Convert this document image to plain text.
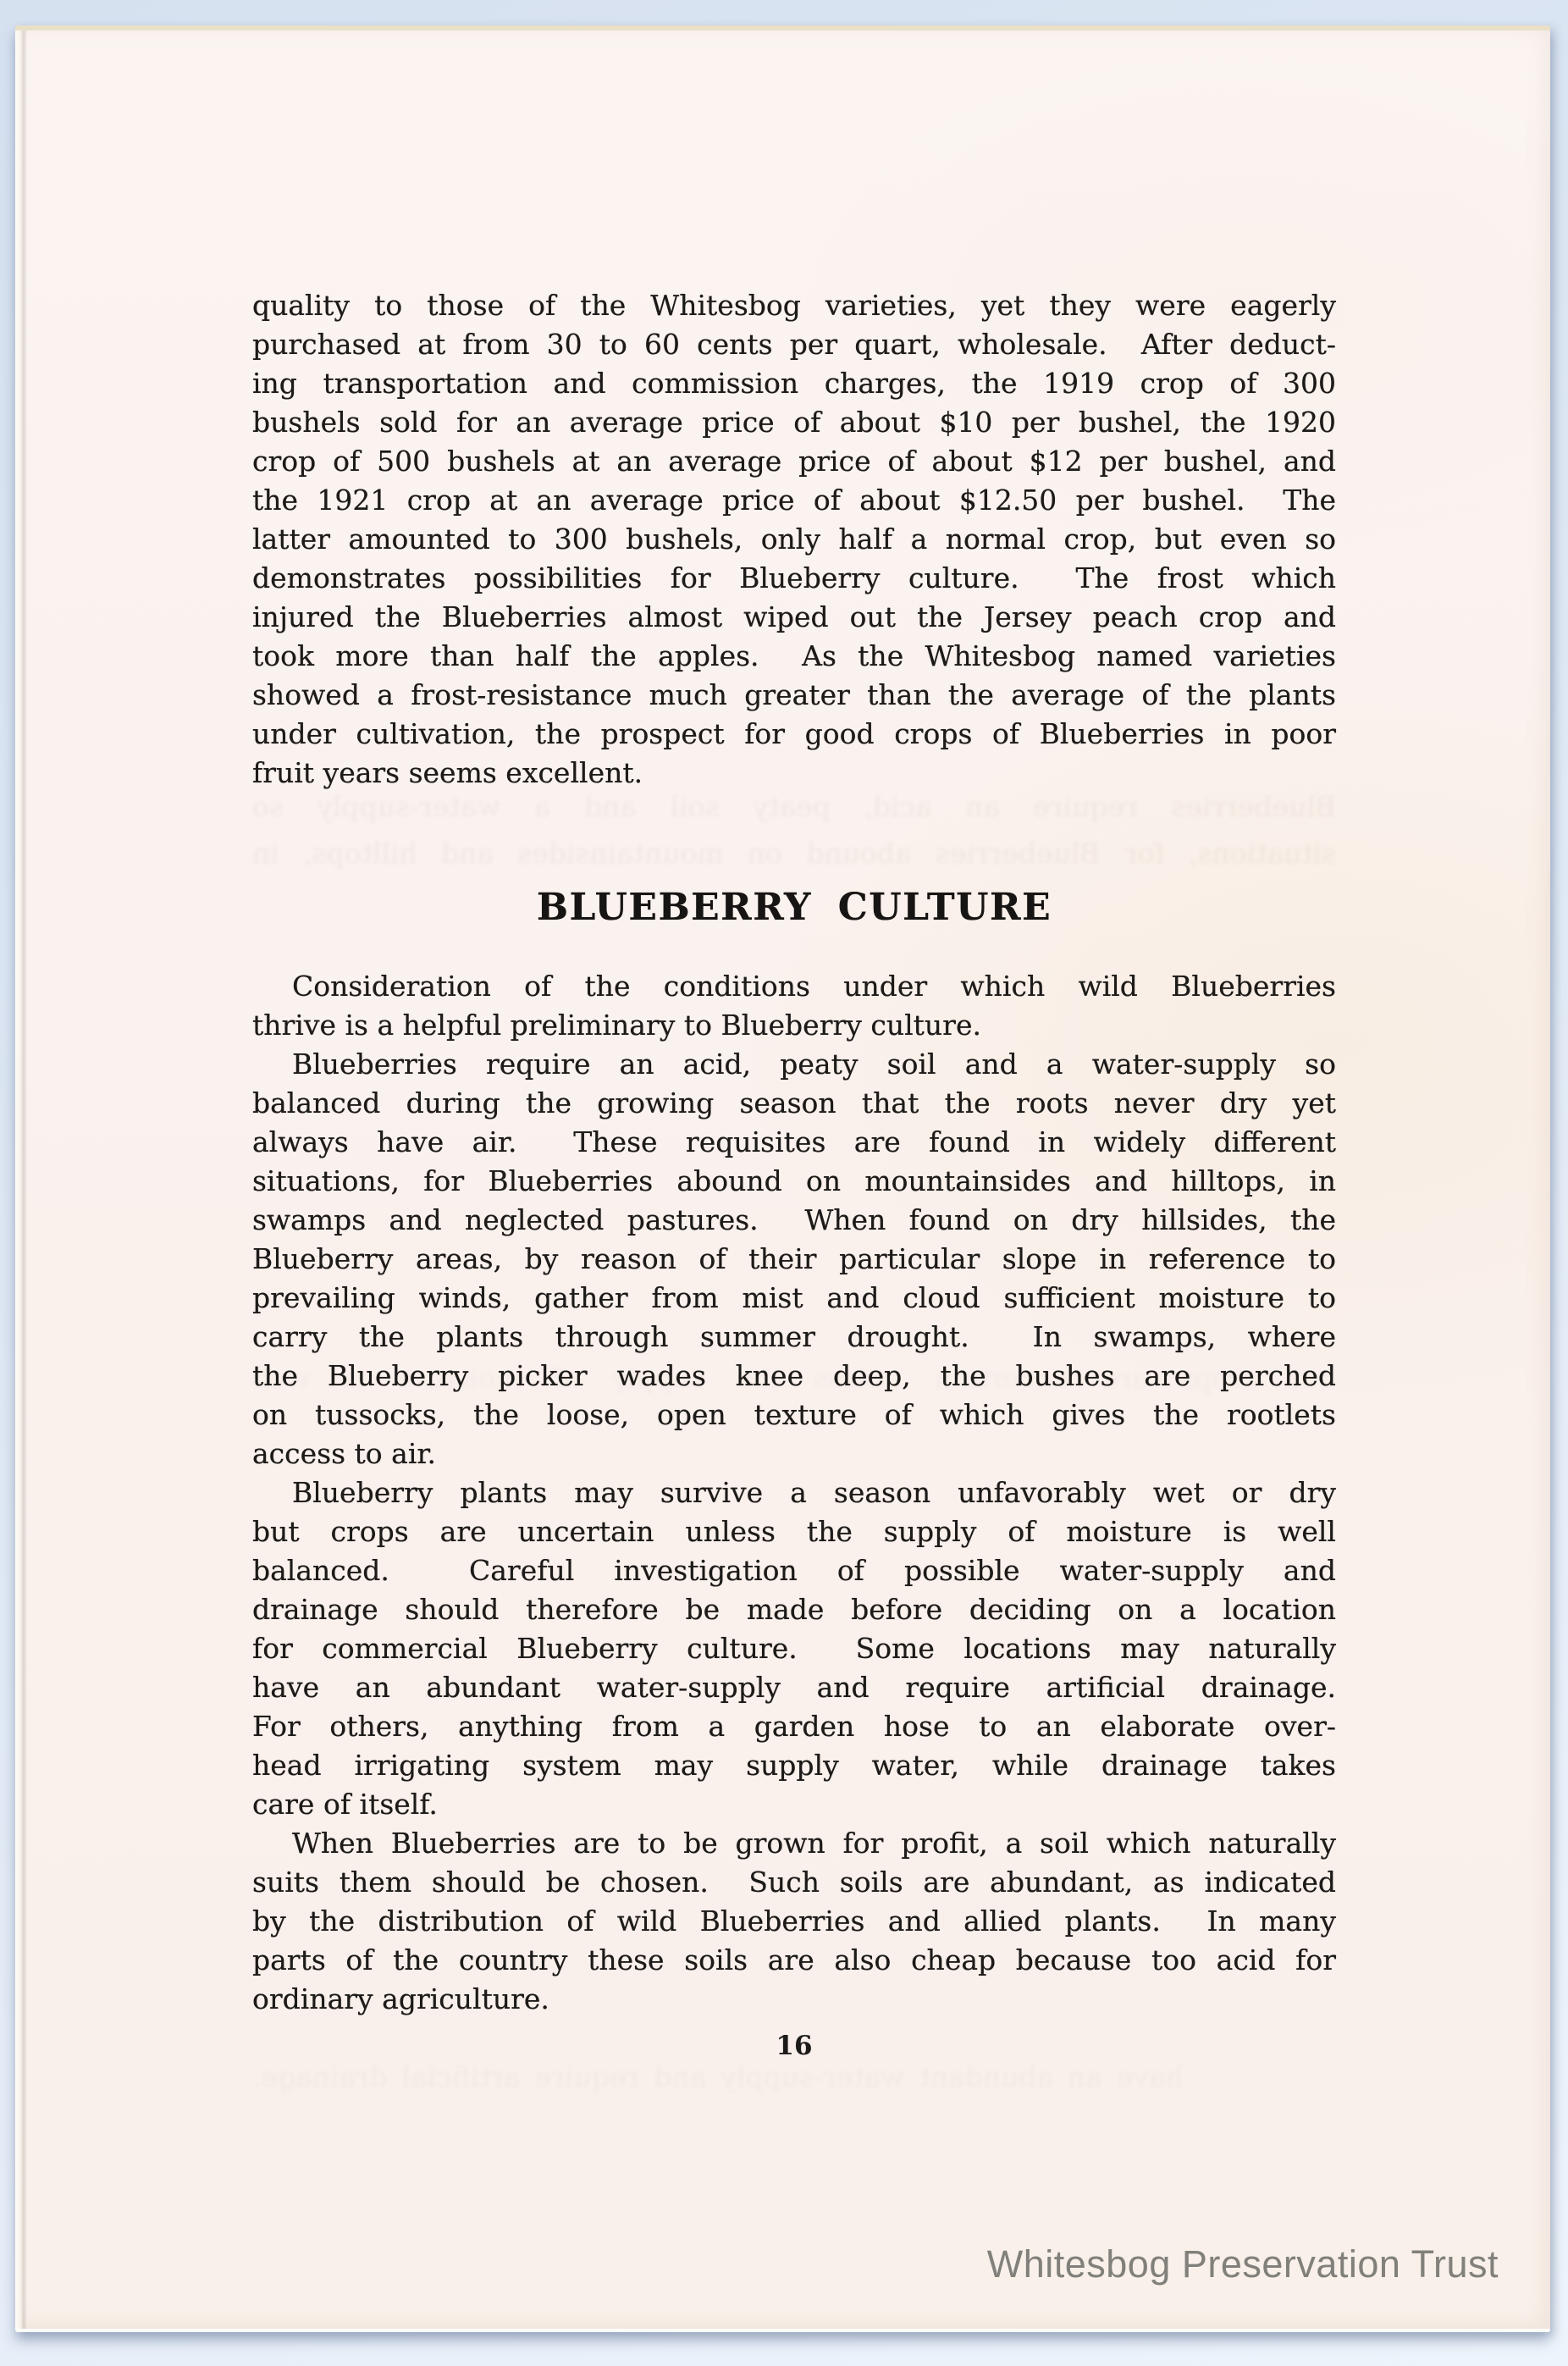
Blueberries require an acid, peaty soil and a water-supply so
situations, for Blueberries abound on mountainsides and hilltops, in
have an abundant water-supply and require artificial drainage.
quality to those of the Whitesbog varieties, yet they were eagerly
purchased at from 30 to 60 cents per quart, wholesale.  After deduct-
ing transportation and commission charges, the 1919 crop of 300
bushels sold for an average price of about $10 per bushel, the 1920
crop of 500 bushels at an average price of about $12 per bushel, and
the 1921 crop at an average price of about $12.50 per bushel.  The
latter amounted to 300 bushels, only half a normal crop, but even so
demonstrates possibilities for Blueberry culture.  The frost which
injured the Blueberries almost wiped out the Jersey peach crop and
took more than half the apples.  As the Whitesbog named varieties
showed a frost-resistance much greater than the average of the plants
under cultivation, the prospect for good crops of Blueberries in poor
fruit years seems excellent.
BLUEBERRY CULTURE
Consideration of the conditions under which wild Blueberries
thrive is a helpful preliminary to Blueberry culture.
Blueberries require an acid, peaty soil and a water-supply so
balanced during the growing season that the roots never dry yet
always have air.  These requisites are found in widely different
situations, for Blueberries abound on mountainsides and hilltops, in
swamps and neglected pastures.  When found on dry hillsides, the
Blueberry areas, by reason of their particular slope in reference to
prevailing winds, gather from mist and cloud sufficient moisture to
carry the plants through summer drought.  In swamps, where
the Blueberry picker wades knee deep, the bushes are perched
on tussocks, the loose, open texture of which gives the rootlets
access to air.
Blueberry plants may survive a season unfavorably wet or dry
but crops are uncertain unless the supply of moisture is well
balanced.  Careful investigation of possible water-supply and
drainage should therefore be made before deciding on a location
for commercial Blueberry culture.  Some locations may naturally
have an abundant water-supply and require artificial drainage.
For others, anything from a garden hose to an elaborate over-
head irrigating system may supply water, while drainage takes
care of itself.
When Blueberries are to be grown for profit, a soil which naturally
suits them should be chosen.  Such soils are abundant, as indicated
by the distribution of wild Blueberries and allied plants.  In many
parts of the country these soils are also cheap because too acid for
ordinary agriculture.
16
Whitesbog Preservation Trust
